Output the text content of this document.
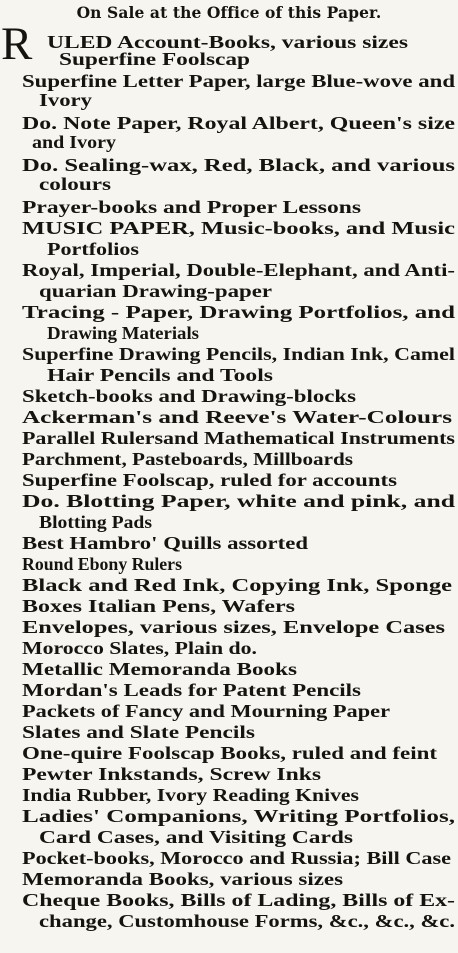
On Sale at the Office of this Paper.
R ULED Account-Books, various sizes
Superfine Foolscap
Superfine Letter Paper, large Blue-wove and
Ivory
Do. Note Paper, Royal Albert, Queen's size
and Ivory
Do. Sealing-wax, Red, Black, and various
colours
Prayer-books and Proper Lessons
MUSIC PAPER, Music-books, and Music
Portfolios
Royal, Imperial, Double-Elephant, and Anti-
quarian Drawing-paper
Tracing - Paper, Drawing Portfolios, and
Drawing Materials
Superfine Drawing Pencils, Indian Ink, Camel
Hair Pencils and Tools
Sketch-books and Drawing-blocks
Ackerman's and Reeve's Water-Colours
Parallel Rulersand Mathematical Instruments
Parchment, Pasteboards, Millboards
Superfine Foolscap, ruled for accounts
Do. Blotting Paper, white and pink, and
Blotting Pads
Best Hambro' Quills assorted
Round Ebony Rulers
Black and Red Ink, Copying Ink, Sponge
Boxes Italian Pens, Wafers
Envelopes, various sizes, Envelope Cases
Morocco Slates, Plain do.
Metallic Memoranda Books
Mordan's Leads for Patent Pencils
Packets of Fancy and Mourning Paper
Slates and Slate Pencils
One-quire Foolscap Books, ruled and feint
Pewter Inkstands, Screw Inks
India Rubber, Ivory Reading Knives
Ladies' Companions, Writing Portfolios,
Card Cases, and Visiting Cards
Pocket-books, Morocco and Russia; Bill Case
Memoranda Books, various sizes
Cheque Books, Bills of Lading, Bills of Ex-
change, Customhouse Forms, &c., &c., &c.
